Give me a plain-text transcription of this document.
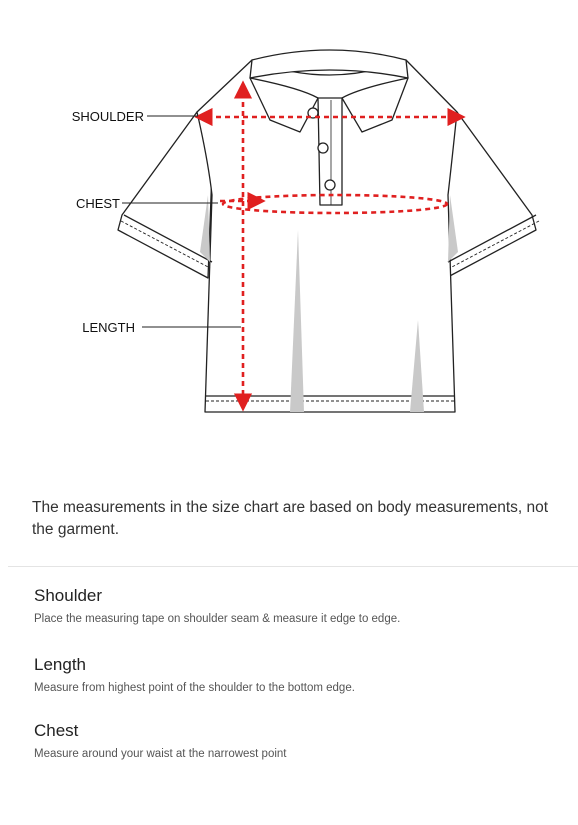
SHOULDER
CHEST
LENGTH

The measurements in the size chart are based on body measurements, not the garment.

Shoulder

Place the measuring tape on shoulder seam & measure it edge to edge.

Length

Measure from highest point of the shoulder to the bottom edge.

Chest

Measure around your waist at the narrowest point
